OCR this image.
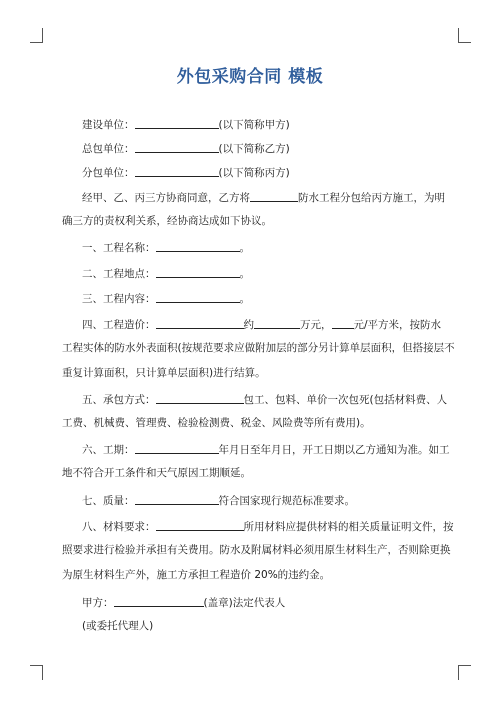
外包采购合同 模板
建设单位：	(以下简称甲方)
总包单位：	(以下简称乙方)
分包单位：	(以下简称丙方)
经甲、乙、丙三方协商同意，乙方将	防水工程分包给丙方施工，为明
确三方的责权利关系，经协商达成如下协议。
一、工程名称：	。
二、工程地点：	。
三、工程内容：	。
四、工程造价：	约	万元， 元/平方米，按防水
工程实体的防水外表面积(按规范要求应做附加层的部分另计算单层面积，但搭接层不
重复计算面积，只计算单层面积)进行结算。
五、承包方式：	包工、包料、单价一次包死(包括材料费、人
工费、机械费、管理费、检验检测费、税金、风险费等所有费用)。
六、工期：	年月日至年月日，开工日期以乙方通知为准。如工
地不符合开工条件和天气原因工期顺延。
七、质量：	符合国家现行规范标准要求。
八、材料要求：	所用材料应提供材料的相关质量证明文件，按
照要求进行检验并承担有关费用。防水及附属材料必须用原生材料生产，否则除更换
为原生材料生产外，施工方承担工程造价 20%的违约金。
甲方：	(盖章)法定代表人
(或委托代理人)
